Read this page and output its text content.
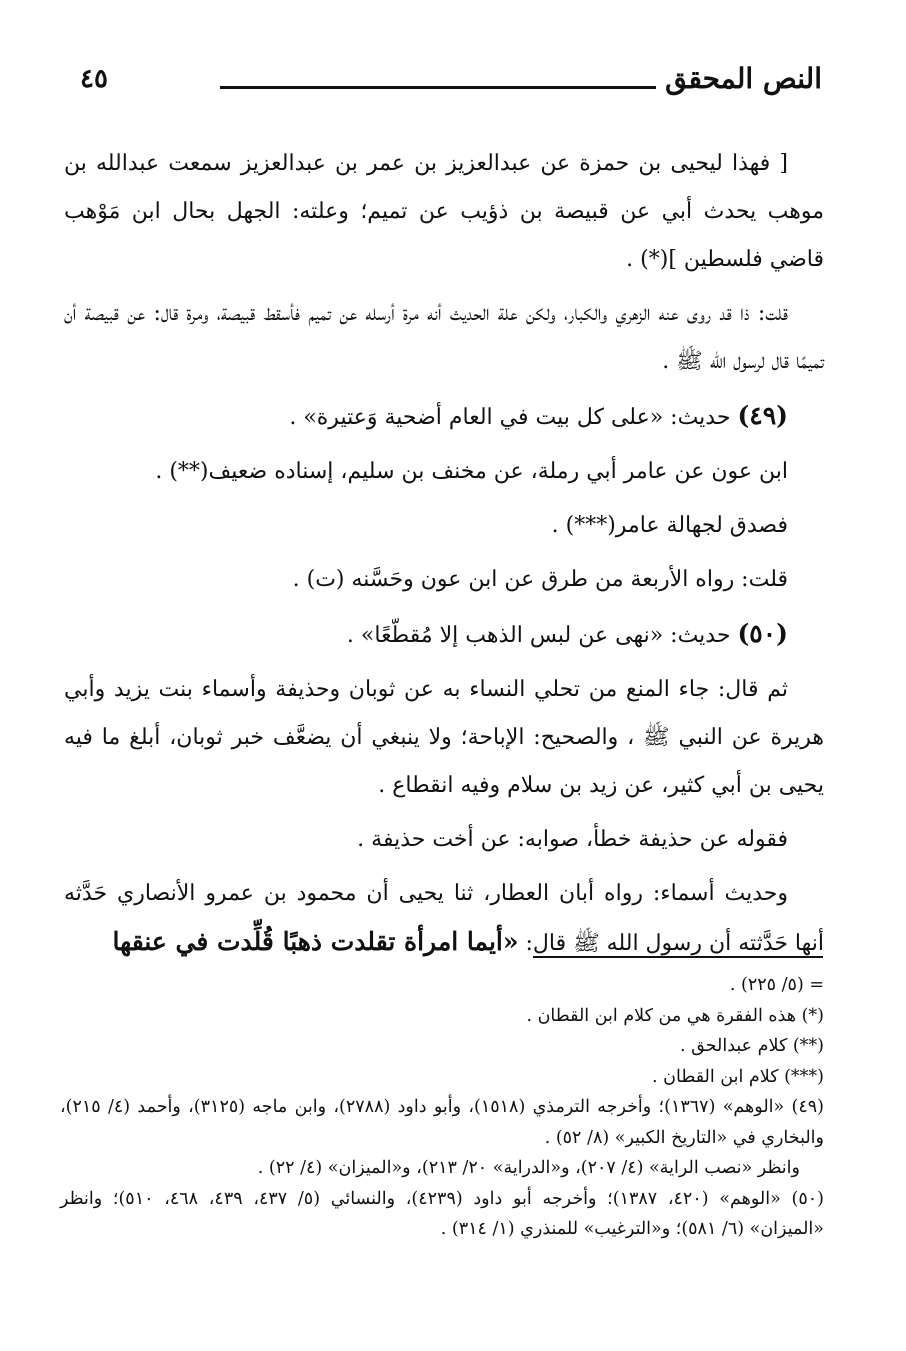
٤٥	النص المحقق

[ فهذا ليحيى بن حمزة عن عبدالعزيز بن عمر بن عبدالعزيز سمعت عبدالله بن موهب يحدث أبي عن قبيصة بن ذؤيب عن تميم؛ وعلته: الجهل بحال ابن مَوْهب قاضي فلسطين ](*) .

قلت: ذا قد روى عنه الزهري والكبار، ولكن علة الحديث أنه مرة أرسله عن تميم فأسقط قبيصة، ومرة قال: عن قبيصة أن تميمًا قال لرسول الله ﷺ .

(٤٩) حديث: «على كل بيت في العام أضحية وَعتيرة» .

ابن عون عن عامر أبي رملة، عن مخنف بن سليم، إسناده ضعيف(**) .

فصدق لجهالة عامر(***) .

قلت: رواه الأربعة من طرق عن ابن عون وحَسَّنه (ت) .

(٥٠) حديث: «نهى عن لبس الذهب إلا مُقطّعًا» .

ثم قال: جاء المنع من تحلي النساء به عن ثوبان وحذيفة وأسماء بنت يزيد وأبي هريرة عن النبي ﷺ ، والصحيح: الإباحة؛ ولا ينبغي أن يضعَّف خبر ثوبان، أبلغ ما فيه يحيى بن أبي كثير، عن زيد بن سلام وفيه انقطاع .

فقوله عن حذيفة خطأ، صوابه: عن أخت حذيفة .

وحديث أسماء: رواه أبان العطار، ثنا يحيى أن محمود بن عمرو الأنصاري حَدَّثه أنها حَدَّثته أن رسول الله ﷺ قال: «أيما امرأة تقلدت ذهبًا قُلِّدت في عنقها

= (٥/ ٢٢٥) .

(*) هذه الفقرة هي من كلام ابن القطان .

(**) كلام عبدالحق .

(***) كلام ابن القطان .

(٤٩) «الوهم» (١٣٦٧)؛ وأخرجه الترمذي (١٥١٨)، وأبو داود (٢٧٨٨)، وابن ماجه (٣١٢٥)، وأحمد (٤/ ٢١٥)، والبخاري في «التاريخ الكبير» (٨/ ٥٢) .

وانظر «نصب الراية» (٤/ ٢٠٧)، و«الدراية» ٢٠/ ٢١٣)، و«الميزان» (٤/ ٢٢) .

(٥٠) «الوهم» (٤٢٠، ١٣٨٧)؛ وأخرجه أبو داود (٤٢٣٩)، والنسائي (٥/ ٤٣٧، ٤٣٩، ٤٦٨، ٥١٠)؛ وانظر «الميزان» (٦/ ٥٨١)؛ و«الترغيب» للمنذري (١/ ٣١٤) .
